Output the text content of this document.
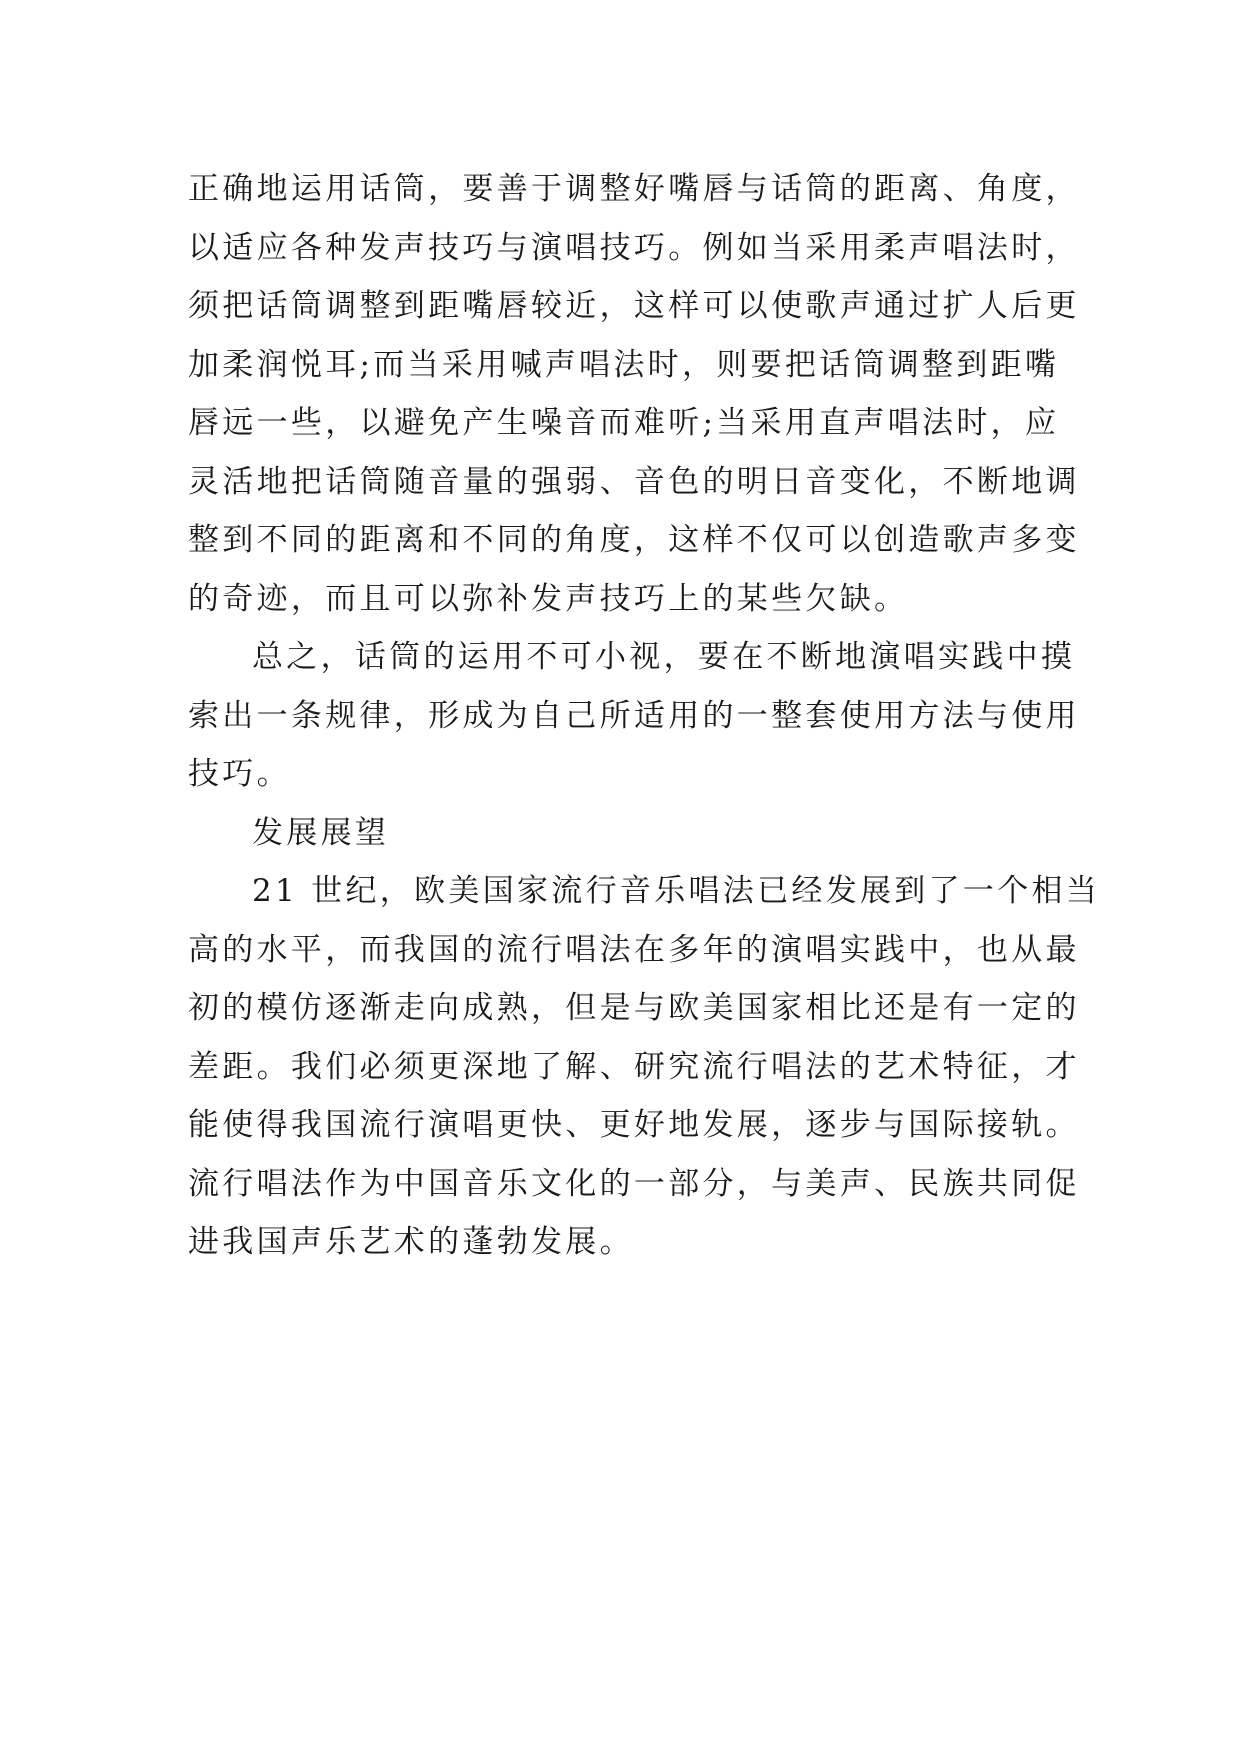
正确地运用话筒，要善于调整好嘴唇与话筒的距离、角度，
以适应各种发声技巧与演唱技巧。例如当采用柔声唱法时，
须把话筒调整到距嘴唇较近，这样可以使歌声通过扩人后更
加柔润悦耳;而当采用喊声唱法时，则要把话筒调整到距嘴
唇远一些，以避免产生噪音而难听;当采用直声唱法时，应
灵活地把话筒随音量的强弱、音色的明日音变化，不断地调
整到不同的距离和不同的角度，这样不仅可以创造歌声多变
的奇迹，而且可以弥补发声技巧上的某些欠缺。
总之，话筒的运用不可小视，要在不断地演唱实践中摸
索出一条规律，形成为自己所适用的一整套使用方法与使用
技巧。
发展展望
21 世纪，欧美国家流行音乐唱法已经发展到了一个相当
高的水平，而我国的流行唱法在多年的演唱实践中，也从最
初的模仿逐渐走向成熟，但是与欧美国家相比还是有一定的
差距。我们必须更深地了解、研究流行唱法的艺术特征，才
能使得我国流行演唱更快、更好地发展，逐步与国际接轨。
流行唱法作为中国音乐文化的一部分，与美声、民族共同促
进我国声乐艺术的蓬勃发展。
